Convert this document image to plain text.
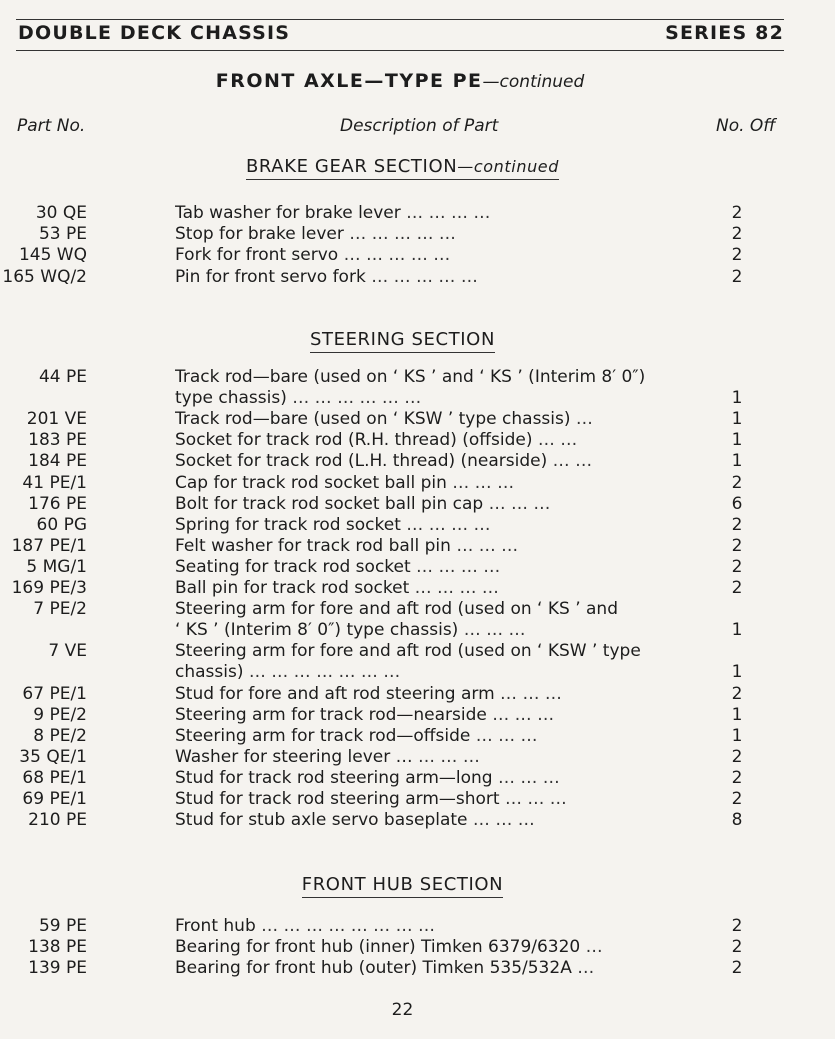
DOUBLE DECK CHASSIS	SERIES 82
FRONT AXLE—TYPE PE—continued
Part No.	Description of Part	No. Off
BRAKE GEAR SECTION—continued
30 QE	Tab washer for brake lever … … … …	2
53 PE	Stop for brake lever … … … … …	2
145 WQ	Fork for front servo … … … … …	2
165 WQ/2	Pin for front servo fork … … … … …	2
STEERING SECTION
44 PE	Track rod—bare (used on ‘ KS ’ and ‘ KS ’ (Interim 8′ 0″)
type chassis) … … … … … …	1
201 VE	Track rod—bare (used on ‘ KSW ’ type chassis) …	1
183 PE	Socket for track rod (R.H. thread) (offside) … …	1
184 PE	Socket for track rod (L.H. thread) (nearside) … …	1
41 PE/1	Cap for track rod socket ball pin … … …	2
176 PE	Bolt for track rod socket ball pin cap … … …	6
60 PG	Spring for track rod socket … … … …	2
187 PE/1	Felt washer for track rod ball pin … … …	2
5 MG/1	Seating for track rod socket … … … …	2
169 PE/3	Ball pin for track rod socket … … … …	2
7 PE/2	Steering arm for fore and aft rod (used on ‘ KS ’ and
‘ KS ’ (Interim 8′ 0″) type chassis) … … …	1
7 VE	Steering arm for fore and aft rod (used on ‘ KSW ’ type
chassis) … … … … … … …	1
67 PE/1	Stud for fore and aft rod steering arm … … …	2
9 PE/2	Steering arm for track rod—nearside … … …	1
8 PE/2	Steering arm for track rod—offside … … …	1
35 QE/1	Washer for steering lever … … … …	2
68 PE/1	Stud for track rod steering arm—long … … …	2
69 PE/1	Stud for track rod steering arm—short … … …	2
210 PE	Stud for stub axle servo baseplate … … …	8
FRONT HUB SECTION
59 PE	Front hub … … … … … … … …	2
138 PE	Bearing for front hub (inner) Timken 6379/6320 …	2
139 PE	Bearing for front hub (outer) Timken 535/532A …	2
22
